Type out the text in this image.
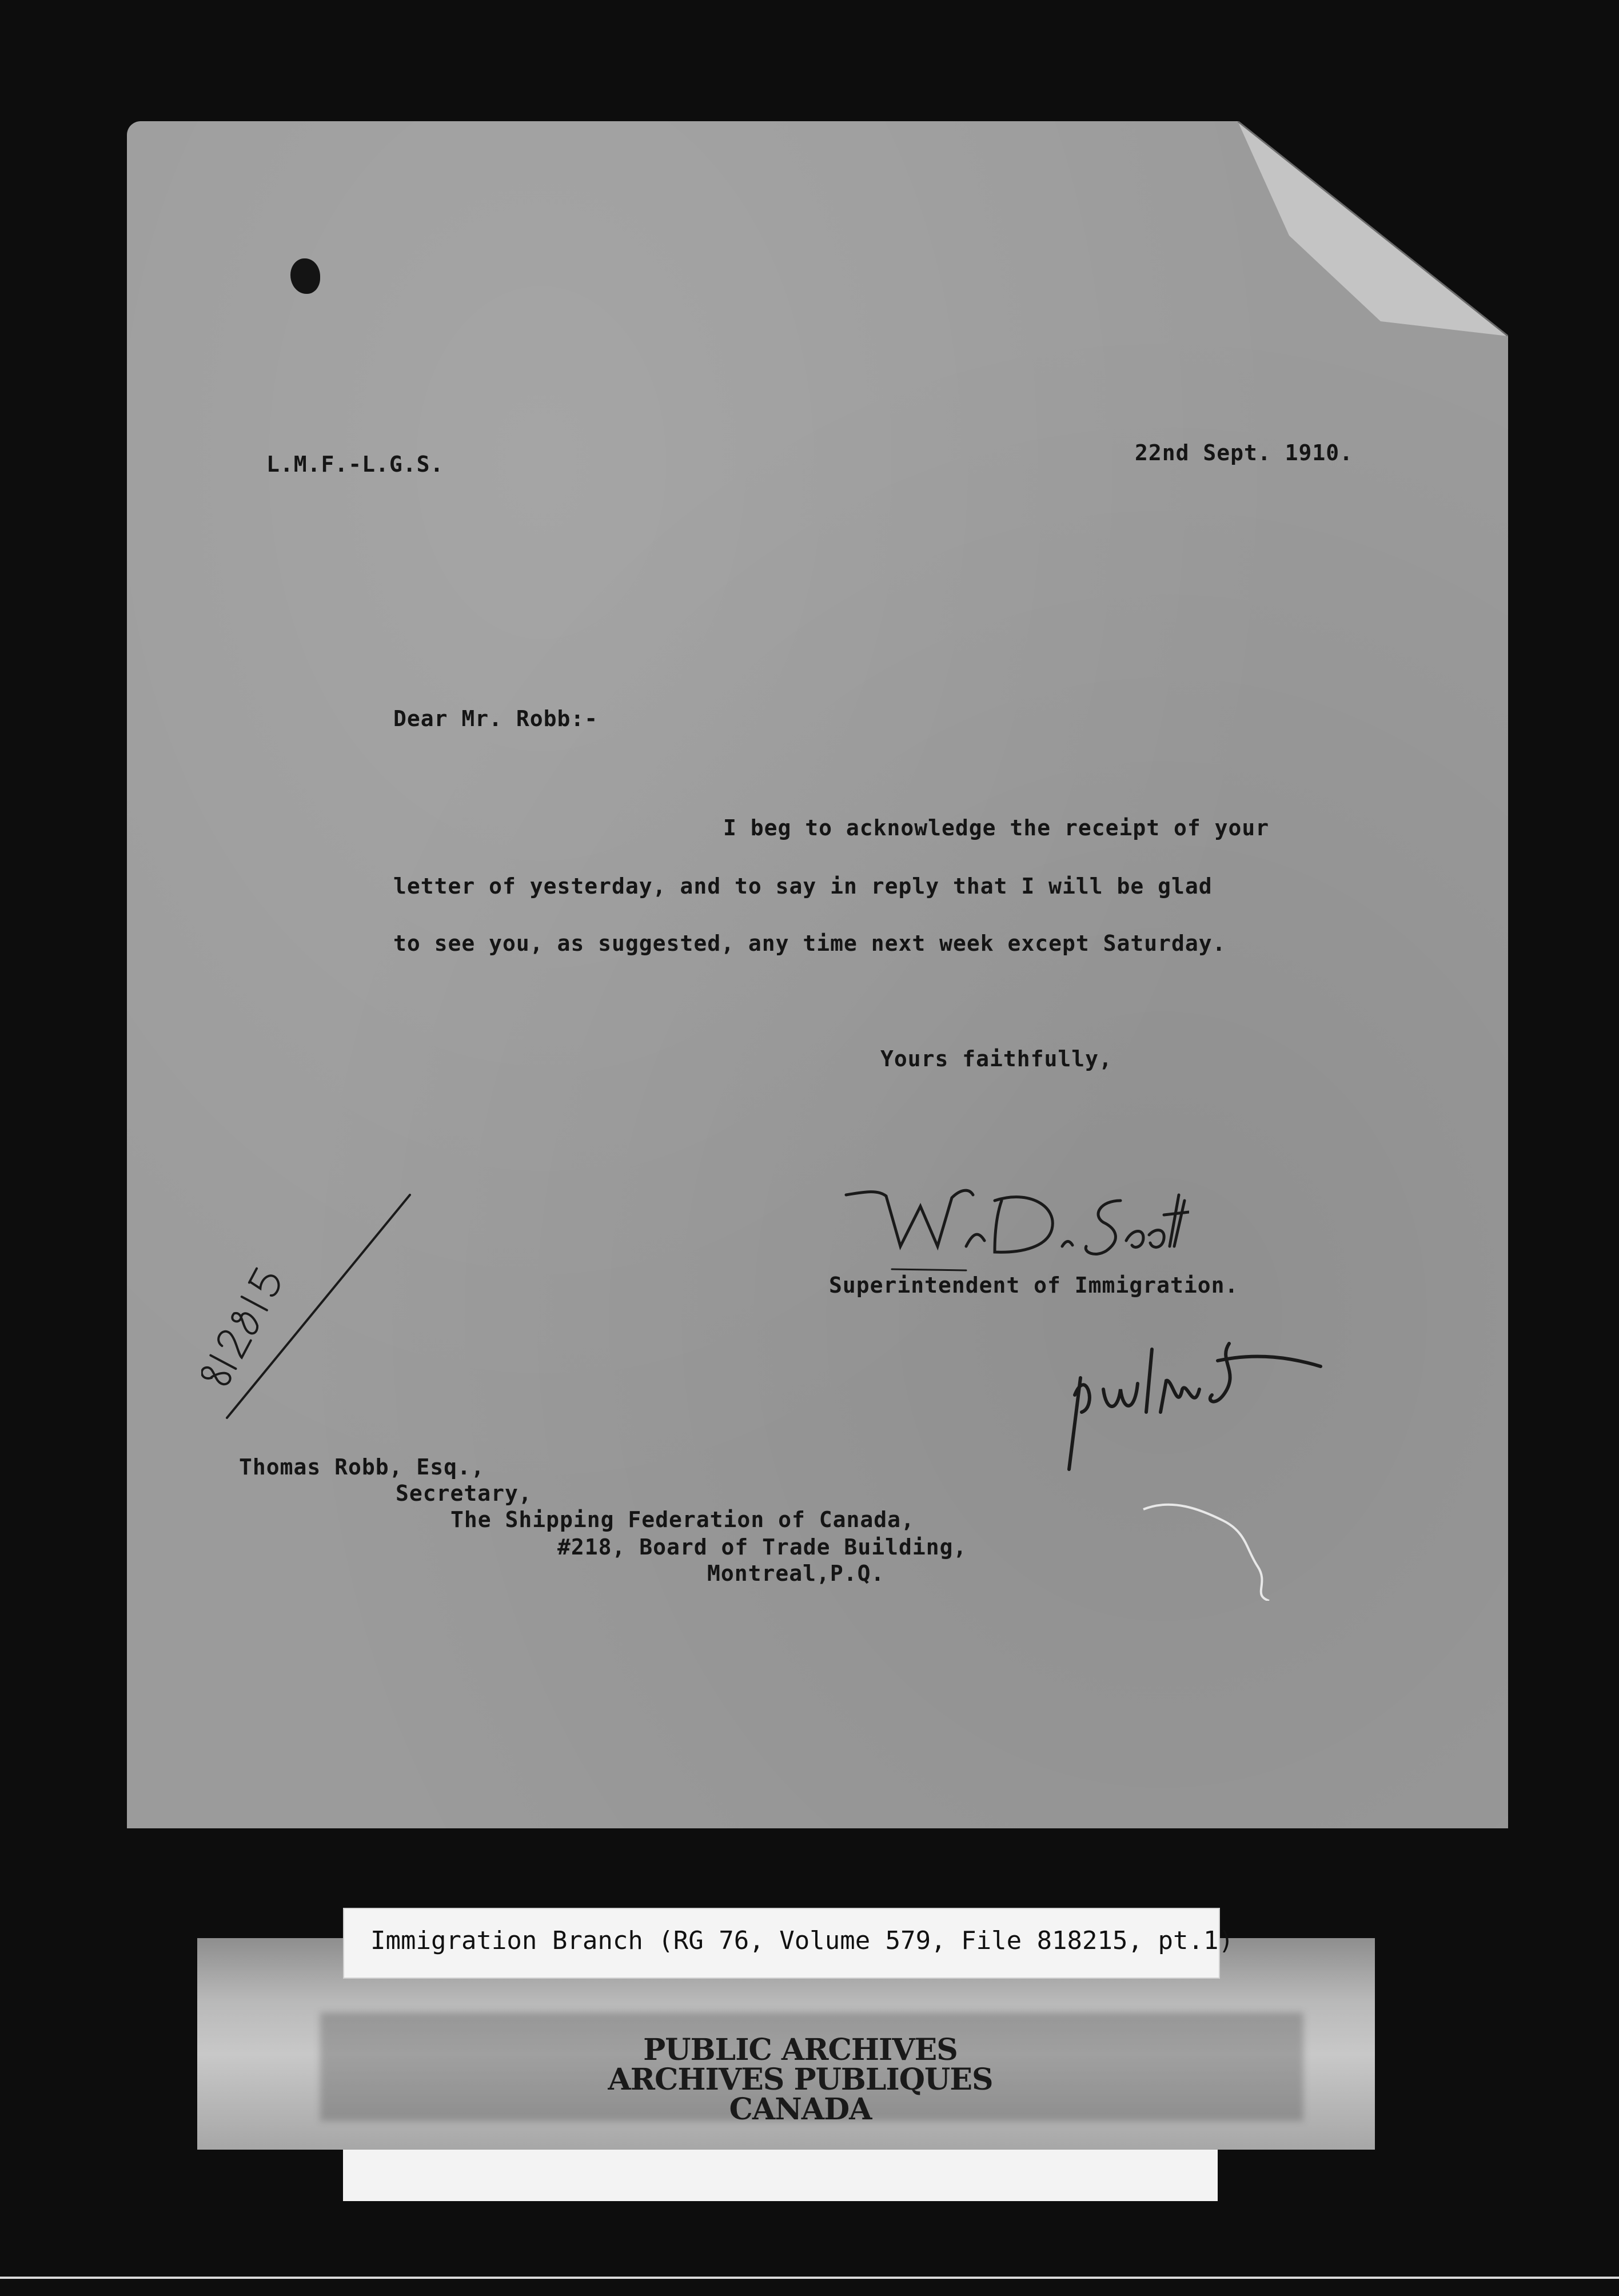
L.M.F.-L.G.S.	22nd Sept. 1910.
Dear Mr. Robb:-
I beg to acknowledge the receipt of your
letter of yesterday, and to say in reply that I will be glad
to see you, as suggested, any time next week except Saturday.
Yours faithfully,
Superintendent of Immigration.
Thomas Robb, Esq.,
Secretary,
The Shipping Federation of Canada,
#218, Board of Trade Building,
Montreal,P.Q.
Immigration Branch (RG 76, Volume 579, File 818215, pt.1)
PUBLIC ARCHIVES
ARCHIVES PUBLIQUES
CANADA
